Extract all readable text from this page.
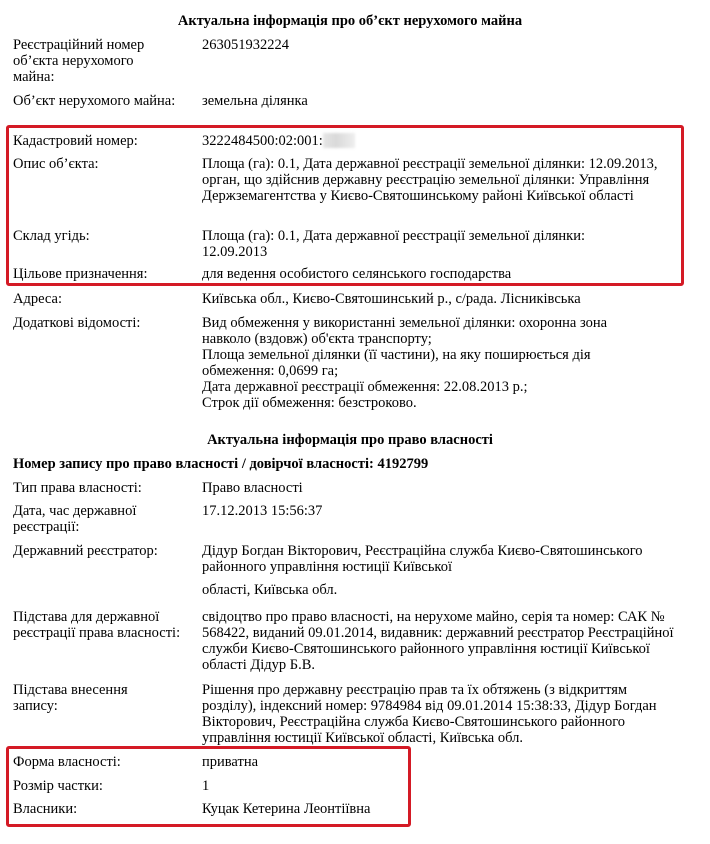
Актуальна інформація про об’єкт нерухомого майна
Реєстраційний номер об’єкта нерухомого майна:
263051932224
Об’єкт нерухомого майна: земельна ділянка
Кадастровий номер:	3222484500:02:001:
Опис об’єкта:	Площа (га): 0.1, Дата державної реєстрації земельної ділянки: 12.09.2013, орган, що здійснив державну реєстрацію земельної ділянки: Управління Держземагентства у Києво-Святошинському районі Київської області
Склад угідь:	Площа (га): 0.1, Дата державної реєстрації земельної ділянки: 12.09.2013
Цільове призначення:	для ведення особистого селянського господарства
Адреса:	Київська обл., Києво-Святошинський р., с/рада. Лісниківська
Додаткові відомості:	Вид обмеження у використанні земельної ділянки: охоронна зона навколо (вздовж) об'єкта транспорту;
Площа земельної ділянки (її частини), на яку поширюється дія обмеження: 0,0699 га;
Дата державної реєстрації обмеження: 22.08.2013 р.;
Строк дії обмеження: безстроково.
Актуальна інформація про право власності
Номер запису про право власності / довірчої власності: 4192799
Тип права власності:	Право власності
Дата, час державної реєстрації:
17.12.2013 15:56:37
Державний реєстратор:	Дідур Богдан Вікторович, Реєстраційна служба Києво-Святошинського районного управління юстиції Київської
області, Київська обл.
Підстава для державної реєстрації права власності:
свідоцтво про право власності, на нерухоме майно, серія та номер: САК № 568422, виданий 09.01.2014, видавник: державний реєстратор Реєстраційної служби Києво-Святошинського районного управління юстиції Київської області Дідур Б.В.
Підстава внесення запису:
Рішення про державну реєстрацію прав та їх обтяжень (з відкриттям розділу), індексний номер: 9784984 від 09.01.2014 15:38:33, Дідур Богдан Вікторович, Реєстраційна служба Києво-Святошинського районного управління юстиції Київської області, Київська обл.
Форма власності:	приватна
Розмір частки:	1
Власники:	Куцак Кетерина Леонтіївна
